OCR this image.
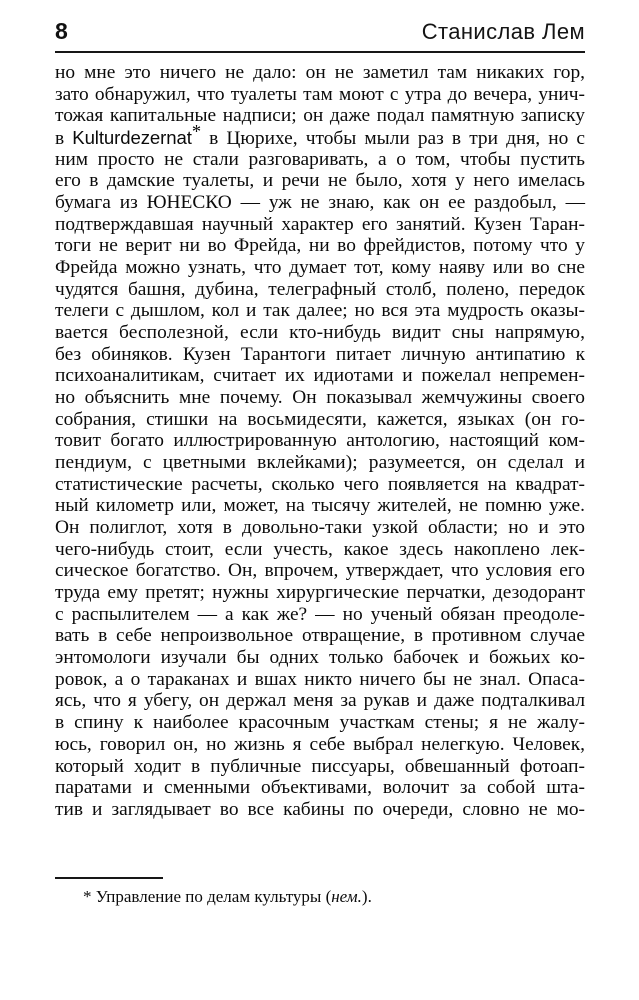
8	Станислав Лем
но мне это ничего не дало: он не заметил там никаких гор,
зато обнаружил, что туалеты там моют с утра до вечера, унич-
тожая капитальные надписи; он даже подал памятную записку
в Kulturdezernat* в Цюрихе, чтобы мыли раз в три дня, но с
ним просто не стали разговаривать, а о том, чтобы пустить
его в дамские туалеты, и речи не было, хотя у него имелась
бумага из ЮНЕСКО — уж не знаю, как он ее раздобыл, —
подтверждавшая научный характер его занятий. Кузен Таран-
тоги не верит ни во Фрейда, ни во фрейдистов, потому что у
Фрейда можно узнать, что думает тот, кому наяву или во сне
чудятся башня, дубина, телеграфный столб, полено, передок
телеги с дышлом, кол и так далее; но вся эта мудрость оказы-
вается бесполезной, если кто-нибудь видит сны напрямую,
без обиняков. Кузен Тарантоги питает личную антипатию к
психоаналитикам, считает их идиотами и пожелал непремен-
но объяснить мне почему. Он показывал жемчужины своего
собрания, стишки на восьмидесяти, кажется, языках (он го-
товит богато иллюстрированную антологию, настоящий ком-
пендиум, с цветными вклейками); разумеется, он сделал и
статистические расчеты, сколько чего появляется на квадрат-
ный километр или, может, на тысячу жителей, не помню уже.
Он полиглот, хотя в довольно-таки узкой области; но и это
чего-нибудь стоит, если учесть, какое здесь накоплено лек-
сическое богатство. Он, впрочем, утверждает, что условия его
труда ему претят; нужны хирургические перчатки, дезодорант
с распылителем — а как же? — но ученый обязан преодоле-
вать в себе непроизвольное отвращение, в противном случае
энтомологи изучали бы одних только бабочек и божьих ко-
ровок, а о тараканах и вшах никто ничего бы не знал. Опаса-
ясь, что я убегу, он держал меня за рукав и даже подталкивал
в спину к наиболее красочным участкам стены; я не жалу-
юсь, говорил он, но жизнь я себе выбрал нелегкую. Человек,
который ходит в публичные писсуары, обвешанный фотоап-
паратами и сменными объективами, волочит за собой шта-
тив и заглядывает во все кабины по очереди, словно не мо-
* Управление по делам культуры (нем.).
